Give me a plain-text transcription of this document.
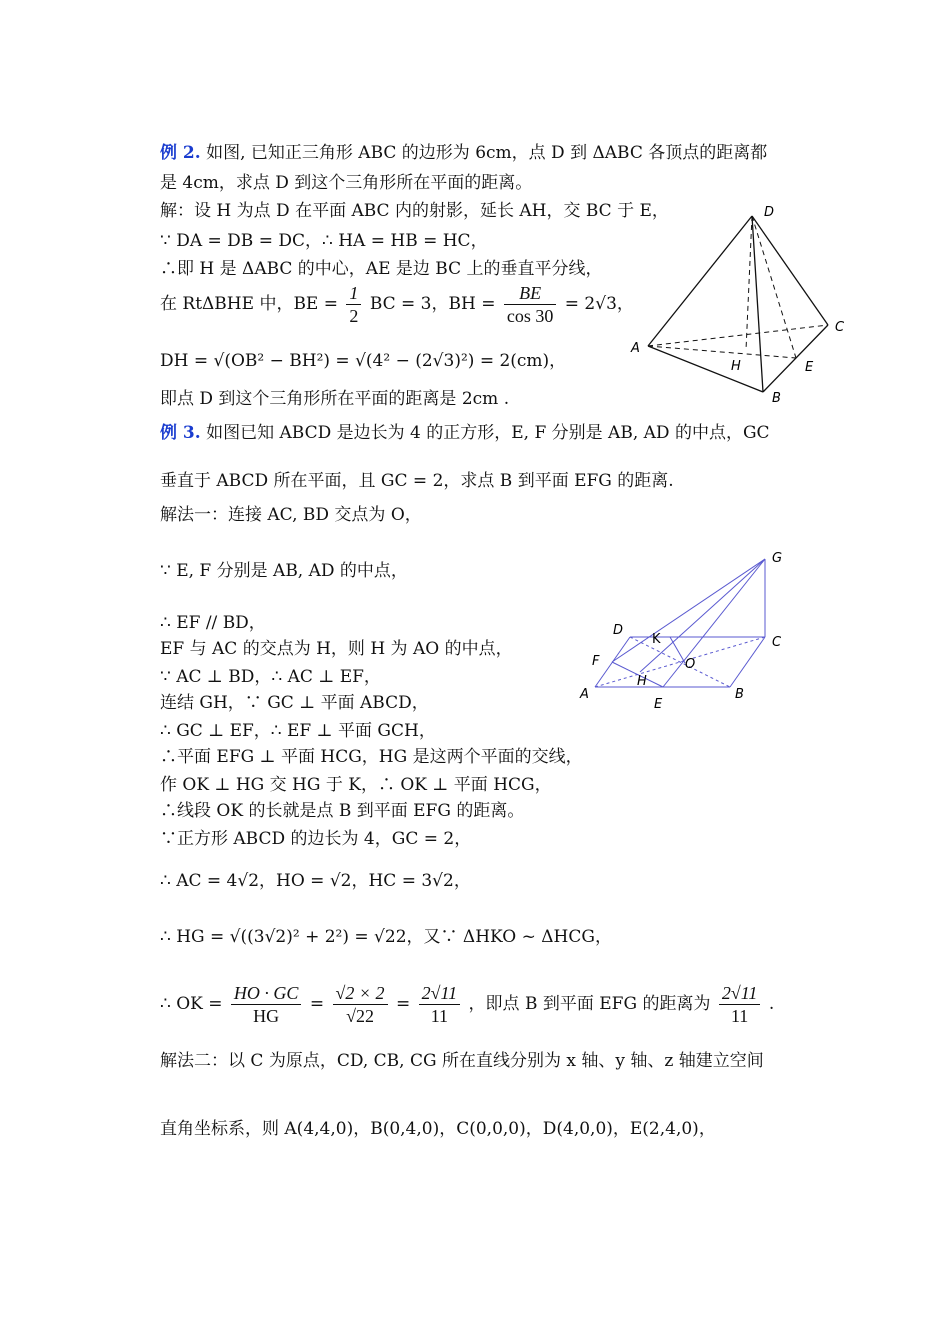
例 2. 如图, 已知正三角形 ABC 的边形为 6cm，点 D 到 ΔABC 各顶点的距离都
是 4cm，求点 D 到这个三角形所在平面的距离。
解：设 H 为点 D 在平面 ABC 内的射影，延长 AH，交 BC 于 E，
∵ DA = DB = DC，∴ HA = HB = HC，
∴即 H 是 ΔABC 的中心，AE 是边 BC 上的垂直平分线，
在 RtΔBHE 中，BE = $\frac{1}{2}$ BC = 3，BH = $\frac{BE}{\cos 30} = 2√3$，
DH = √(OB² − BH²) = √(4² − (2√3)²) = 2(cm)，
即点 D 到这个三角形所在平面的距离是 2cm .
D
A
C
H	E
B
例 3. 如图已知 ABCD 是边长为 4 的正方形，E, F 分别是 AB, AD 的中点，GC
垂直于 ABCD 所在平面，且 GC = 2，求点 B 到平面 EFG 的距离.
解法一：连接 AC, BD 交点为 O，
∵ E, F 分别是 AB, AD 的中点，
∴ EF // BD，
EF 与 AC 的交点为 H，则 H 为 AO 的中点，
∵ AC ⊥ BD，∴ AC ⊥ EF，
连结 GH，∵ GC ⊥ 平面 ABCD，
∴ GC ⊥ EF，∴ EF ⊥ 平面 GCH，
∴平面 EFG ⊥ 平面 HCG，HG 是这两个平面的交线，
作 OK ⊥ HG 交 HG 于 K，∴ OK ⊥ 平面 HCG，
∴线段 OK 的长就是点 B 到平面 EFG 的距离。
∵正方形 ABCD 的边长为 4，GC = 2，
∴ AC = 4√2，HO = √2，HC = 3√2，
∴ HG = √((3√2)² + 2²) = √22，又∵ ΔHKO ~ ΔHCG，
∴ OK = $\frac{HO \cdot GC}{HG} = \frac{√2 \times 2}{√22} = \frac{2√11}{11}$ ，即点 B 到平面 EFG 的距离为 $\frac{2√11}{11}$ .
解法二：以 C 为原点，CD, CB, CG 所在直线分别为 x 轴、y 轴、z 轴建立空间
直角坐标系，则 A(4,4,0)，B(0,4,0)，C(0,0,0)，D(4,0,0)，E(2,4,0)，
G
D
K	C
F	O
A
H
B
E
